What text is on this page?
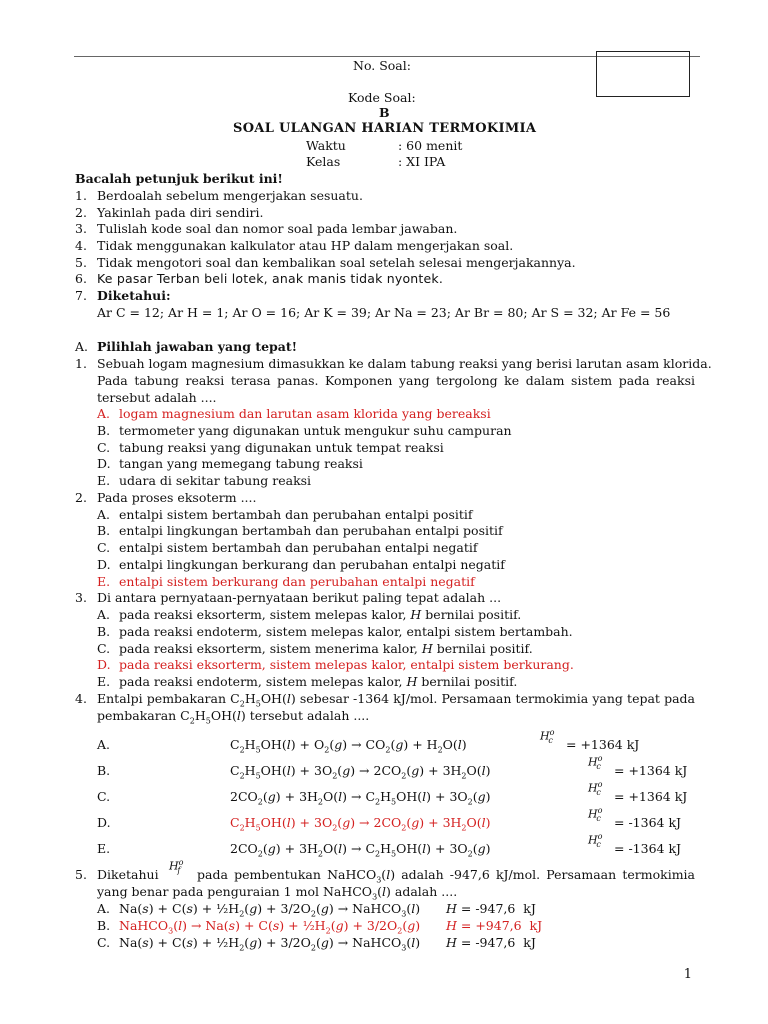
No. Soal:
Kode Soal:
B
SOAL ULANGAN HARIAN TERMOKIMIA
Waktu	: 60 menit
Kelas	: XI IPA
Bacalah petunjuk berikut ini!
1. Berdoalah sebelum mengerjakan sesuatu.
2. Yakinlah pada diri sendiri.
3. Tulislah kode soal dan nomor soal pada lembar jawaban.
4. Tidak menggunakan kalkulator atau HP dalam mengerjakan soal.
5. Tidak mengotori soal dan kembalikan soal setelah selesai mengerjakannya.
6. Ke pasar Terban beli lotek, anak manis tidak nyontek.
7. Diketahui:
Ar C = 12; Ar H = 1; Ar O = 16; Ar K = 39; Ar Na = 23; Ar Br = 80; Ar S = 32; Ar Fe = 56
A. Pilihlah jawaban yang tepat!
1. Sebuah logam magnesium dimasukkan ke dalam tabung reaksi yang berisi larutan asam klorida.
Pada tabung reaksi terasa panas. Komponen yang tergolong ke dalam sistem pada reaksi
tersebut adalah ....
A. logam magnesium dan larutan asam klorida yang bereaksi
B. termometer yang digunakan untuk mengukur suhu campuran
C. tabung reaksi yang digunakan untuk tempat reaksi
D. tangan yang memegang tabung reaksi
E. udara di sekitar tabung reaksi
2. Pada proses eksoterm ....
A. entalpi sistem bertambah dan perubahan entalpi positif
B. entalpi lingkungan bertambah dan perubahan entalpi positif
C. entalpi sistem bertambah dan perubahan entalpi negatif
D. entalpi lingkungan berkurang dan perubahan entalpi negatif
E. entalpi sistem berkurang dan perubahan entalpi negatif
3. Di antara pernyataan-pernyataan berikut paling tepat adalah ...
A. pada reaksi eksorterm, sistem melepas kalor, H bernilai positif.
B. pada reaksi endoterm, sistem melepas kalor, entalpi sistem bertambah.
C. pada reaksi eksorterm, sistem menerima kalor, H bernilai positif.
D. pada reaksi eksorterm, sistem melepas kalor, entalpi sistem berkurang.
E. pada reaksi endoterm, sistem melepas kalor, H bernilai positif.
4. Entalpi pembakaran $C_2H_5OH(l)$ sebesar -1364 kJ/mol. Persamaan termokimia yang tepat pada
pembakaran $C_2H_5OH(l)$ tersebut adalah ....
A.	$C_2H_5OH(l) + O_2(g) \to CO_2(g) + H_2O(l)$
$H^o_c = +1364$ kJ
B.	$C_2H_5OH(l) + 3O_2(g) \to 2CO_2(g) + 3H_2O(l)$
$H^o_c = +1364$ kJ
C.	$2CO_2(g) + 3H_2O(l) \to C_2H_5OH(l) + 3O_2(g)$
$H^o_c = +1364$ kJ
D.	$C_2H_5OH(l) + 3O_2(g) \to 2CO_2(g) + 3H_2O(l)$
$H^o_c = -1364$ kJ
E.	$2CO_2(g) + 3H_2O(l) \to C_2H_5OH(l) + 3O_2(g)$
$H^o_c = -1364$ kJ
5. Diketahui
$H^o_f$ pada pembentukan NaHCO$_3$(l) adalah -947,6 kJ/mol. Persamaan termokimia
yang benar pada penguraian 1 mol NaHCO$_3$(l) adalah ....
A. $Na(s) + C(s) + \frac{1}{2}H_2(g) + 3/2O_2(g)$ → NaHCO$_3$(l) H = -947,6  kJ
B. NaHCO$_3$(l) → $Na(s) + C(s) + \frac{1}{2}H_2(g) + 3/2O_2(g) H = +947,6$  kJ
C. $Na(s) + C(s) + \frac{1}{2}H_2(g) + 3/2O_2(g)$ → NaHCO$_3$(l) H = -947,6  kJ
1
